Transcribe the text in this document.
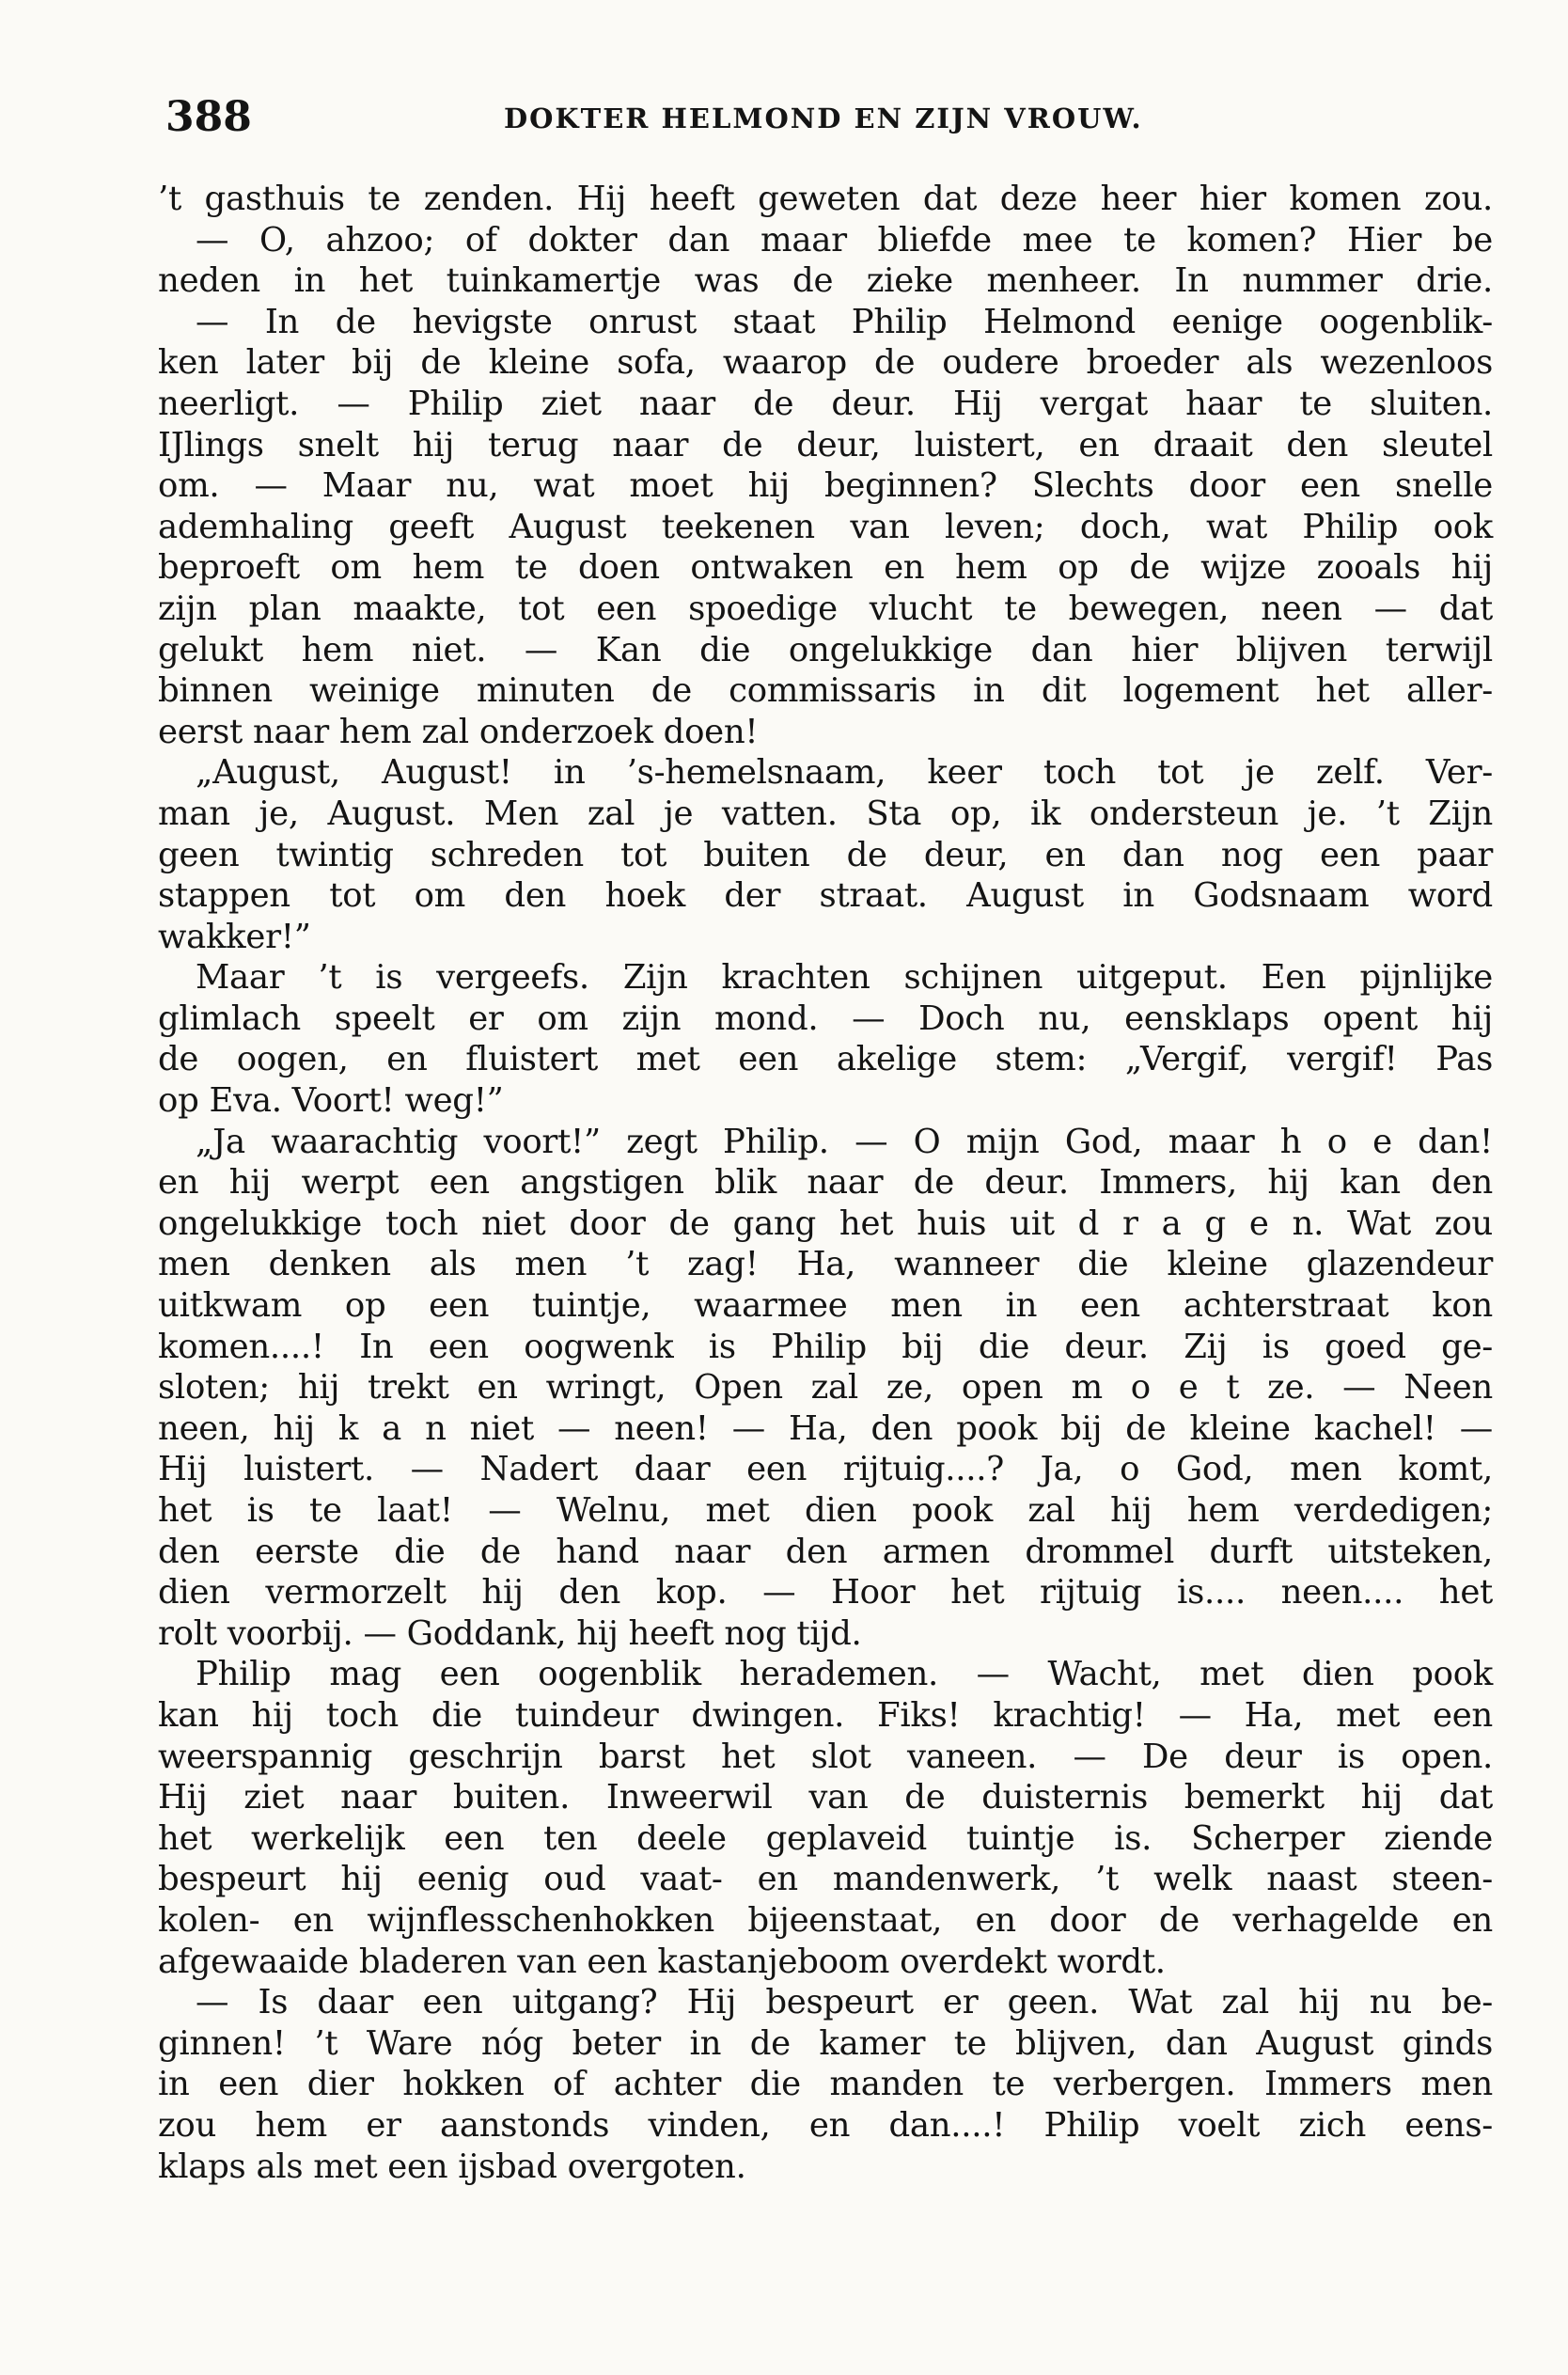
388	DOKTER HELMOND EN ZIJN VROUW.
’t gasthuis te zenden. Hij heeft geweten dat deze heer hier komen zou.
— O, ahzoo; of dokter dan maar bliefde mee te komen? Hier be
neden in het tuinkamertje was de zieke menheer. In nummer drie.
— In de hevigste onrust staat Philip Helmond eenige oogenblik-
ken later bij de kleine sofa, waarop de oudere broeder als wezenloos
neerligt. — Philip ziet naar de deur. Hij vergat haar te sluiten.
IJlings snelt hij terug naar de deur, luistert, en draait den sleutel
om. — Maar nu, wat moet hij beginnen? Slechts door een snelle
ademhaling geeft August teekenen van leven; doch, wat Philip ook
beproeft om hem te doen ontwaken en hem op de wijze zooals hij
zijn plan maakte, tot een spoedige vlucht te bewegen, neen — dat
gelukt hem niet. — Kan die ongelukkige dan hier blijven terwijl
binnen weinige minuten de commissaris in dit logement het aller-
eerst naar hem zal onderzoek doen!
„August, August! in ’s-hemelsnaam, keer toch tot je zelf. Ver-
man je, August. Men zal je vatten. Sta op, ik ondersteun je. ’t Zijn
geen twintig schreden tot buiten de deur, en dan nog een paar
stappen tot om den hoek der straat. August in Godsnaam word
wakker!”
Maar ’t is vergeefs. Zijn krachten schijnen uitgeput. Een pijnlijke
glimlach speelt er om zijn mond. — Doch nu, eensklaps opent hij
de oogen, en fluistert met een akelige stem: „Vergif, vergif! Pas
op Eva. Voort! weg!”
„Ja waarachtig voort!” zegt Philip. — O mijn God, maar h o e dan!
en hij werpt een angstigen blik naar de deur. Immers, hij kan den
ongelukkige toch niet door de gang het huis uit d r a g e n. Wat zou
men denken als men ’t zag! Ha, wanneer die kleine glazendeur
uitkwam op een tuintje, waarmee men in een achterstraat kon
komen....! In een oogwenk is Philip bij die deur. Zij is goed ge-
sloten; hij trekt en wringt, Open zal ze, open m o e t ze. — Neen
neen, hij k a n niet — neen! — Ha, den pook bij de kleine kachel! —
Hij luistert. — Nadert daar een rijtuig....? Ja, o God, men komt,
het is te laat! — Welnu, met dien pook zal hij hem verdedigen;
den eerste die de hand naar den armen drommel durft uitsteken,
dien vermorzelt hij den kop. — Hoor het rijtuig is.... neen.... het
rolt voorbij. — Goddank, hij heeft nog tijd.
Philip mag een oogenblik herademen. — Wacht, met dien pook
kan hij toch die tuindeur dwingen. Fiks! krachtig! — Ha, met een
weerspannig geschrijn barst het slot vaneen. — De deur is open.
Hij ziet naar buiten. Inweerwil van de duisternis bemerkt hij dat
het werkelijk een ten deele geplaveid tuintje is. Scherper ziende
bespeurt hij eenig oud vaat- en mandenwerk, ’t welk naast steen-
kolen- en wijnflesschenhokken bijeenstaat, en door de verhagelde en
afgewaaide bladeren van een kastanjeboom overdekt wordt.
— Is daar een uitgang? Hij bespeurt er geen. Wat zal hij nu be-
ginnen! ’t Ware nóg beter in de kamer te blijven, dan August ginds
in een dier hokken of achter die manden te verbergen. Immers men
zou hem er aanstonds vinden, en dan....! Philip voelt zich eens-
klaps als met een ijsbad overgoten.
